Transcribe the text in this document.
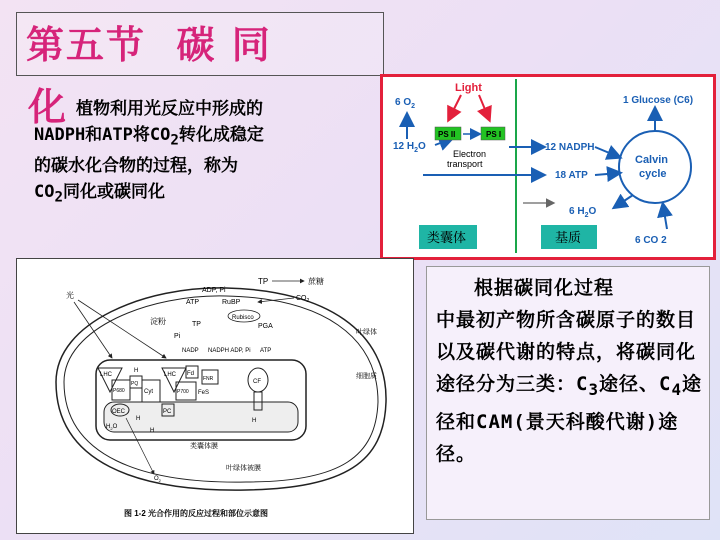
第五节  碳 同
化 植物利用光反应中形成的
NADPH和ATP将$CO_2$转化成稳定
的碳水化合物的过程，称为
$CO_2$同化或碳同化
6 $O_2$
12 $H_2O$
Light
PS II	PS I
Electron
transport
1 Glucose (C6)
12 NADPH
18 ATP
6 $H_2O$
6 CO 2
Calvin
cycle
类囊体	基质
TP	蔗糖
ADP, Pi
ATP	RuBP
$CO_2$
Rubisco
淀粉	TP	PGA
Pi
叶绿体
NADP NADPH ADP, Pi ATP
光
LHC
P680
PQ
Cyt
LHC Fd
FNR
P700 FeS
CF
OEC	PC
H
H
H
H
$H_2O$
细胞质
类囊体膜
叶绿体被膜
$O_2$
图 1-2 光合作用的反应过程和部位示意图
根据碳同化过程
中最初产物所含碳原子的数目以及碳代谢的特点，将碳同化途径分为三类：$C_3$途径、$C_4$途径和CAM(景天科酸代谢)途径。
